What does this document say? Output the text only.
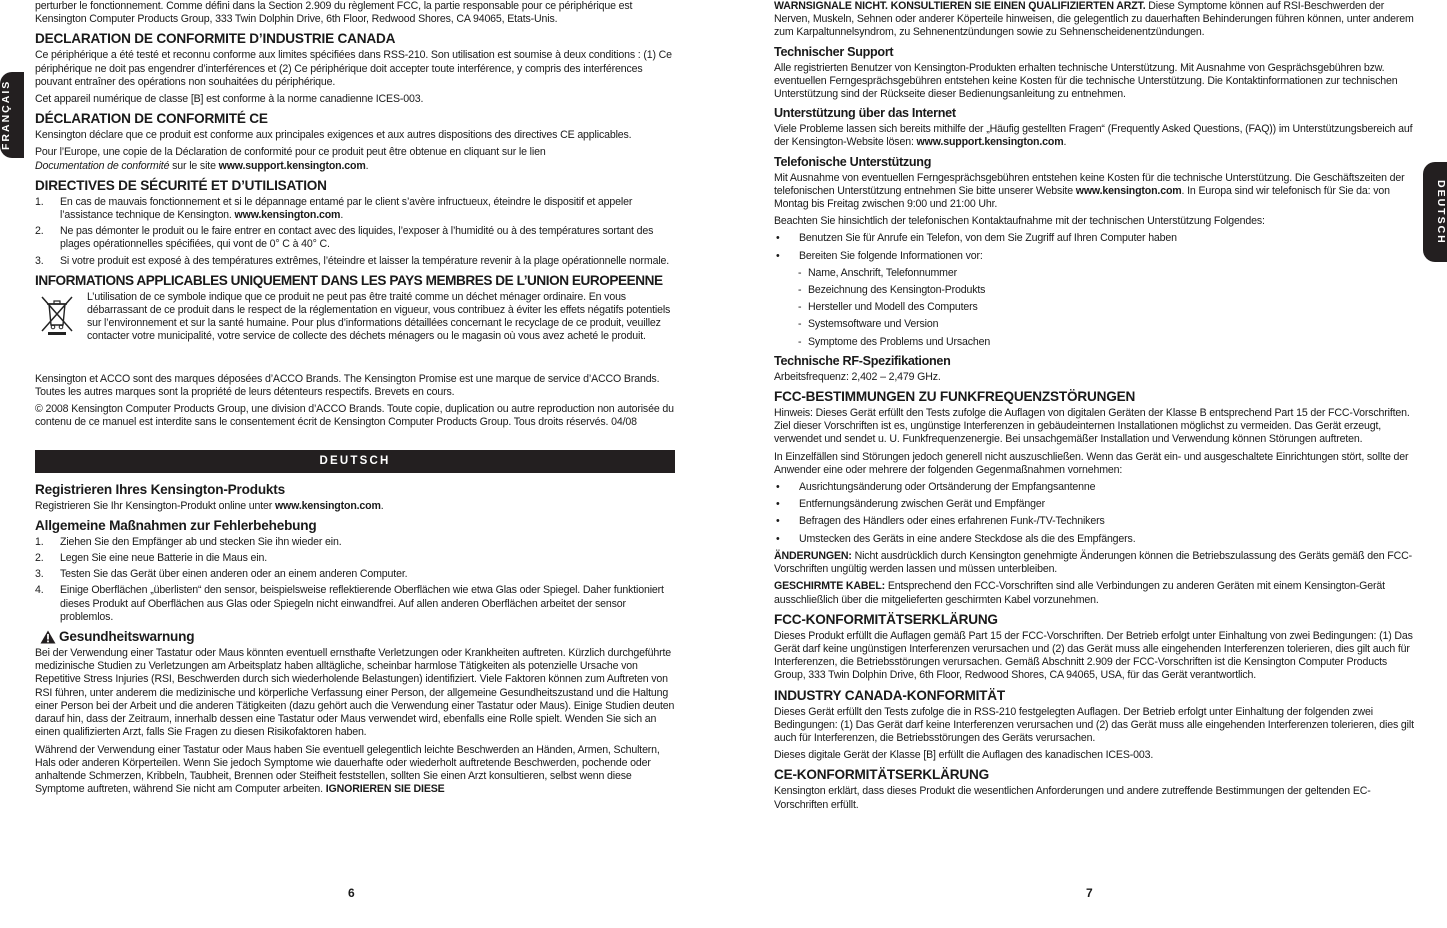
FRANÇAIS

perturber le fonctionnement. Comme défini dans la Section 2.909 du règlement FCC, la partie responsable pour ce périphérique est Kensington Computer Products Group, 333 Twin Dolphin Drive, 6th Floor, Redwood Shores, CA 94065, Etats-Unis.

DECLARATION DE CONFORMITE D’INDUSTRIE CANADA

Ce périphérique a été testé et reconnu conforme aux limites spécifiées dans RSS-210. Son utilisation est soumise à deux conditions : (1) Ce périphérique ne doit pas engendrer d’interférences et (2) Ce périphérique doit accepter toute interférence, y compris des interférences pouvant entraîner des opérations non souhaitées du périphérique.

Cet appareil numérique de classe [B] est conforme à la norme canadienne ICES-003.

DÉCLARATION DE CONFORMITÉ CE

Kensington déclare que ce produit est conforme aux principales exigences et aux autres dispositions des directives CE applicables.

Pour l’Europe, une copie de la Déclaration de conformité pour ce produit peut être obtenue en cliquant sur le lien
Documentation de conformité sur le site www.support.kensington.com.

DIRECTIVES DE SÉCURITÉ ET D’UTILISATION
1. En cas de mauvais fonctionnement et si le dépannage entamé par le client s’avère infructueux, éteindre le dispositif et appeler l’assistance technique de Kensington. www.kensington.com.
2. Ne pas démonter le produit ou le faire entrer en contact avec des liquides, l’exposer à l’humidité ou à des températures sortant des plages opérationnelles spécifiées, qui vont de 0° C à 40° C.
3. Si votre produit est exposé à des températures extrêmes, l’éteindre et laisser la température revenir à la plage opérationnelle normale.
INFORMATIONS APPLICABLES UNIQUEMENT DANS LES PAYS MEMBRES DE L’UNION EUROPEENNE

L’utilisation de ce symbole indique que ce produit ne peut pas être traité comme un déchet ménager ordinaire. En vous débarrassant de ce produit dans le respect de la réglementation en vigueur, vous contribuez à éviter les effets négatifs potentiels sur l’environnement et sur la santé humaine. Pour plus d’informations détaillées concernant le recyclage de ce produit, veuillez contacter votre municipalité, votre service de collecte des déchets ménagers ou le magasin où vous avez acheté le produit.

Kensington et ACCO sont des marques déposées d’ACCO Brands. The Kensington Promise est une marque de service d’ACCO Brands. Toutes les autres marques sont la propriété de leurs détenteurs respectifs. Brevets en cours.

© 2008 Kensington Computer Products Group, une division d’ACCO Brands. Toute copie, duplication ou autre reproduction non autorisée du contenu de ce manuel est interdite sans le consentement écrit de Kensington Computer Products Group. Tous droits réservés. 04/08

DEUTSCH
Registrieren Ihres Kensington-Produkts

Registrieren Sie Ihr Kensington-Produkt online unter www.kensington.com.

Allgemeine Maßnahmen zur Fehlerbehebung
1. Ziehen Sie den Empfänger ab und stecken Sie ihn wieder ein.
2. Legen Sie eine neue Batterie in die Maus ein.
3. Testen Sie das Gerät über einen anderen oder an einem anderen Computer.
4. Einige Oberflächen „überlisten“ den sensor, beispielsweise reflektierende Oberflächen wie etwa Glas oder Spiegel. Daher funktioniert dieses Produkt auf Oberflächen aus Glas oder Spiegeln nicht einwandfrei. Auf allen anderen Oberflächen arbeitet der sensor problemlos.
Gesundheitswarnung

Bei der Verwendung einer Tastatur oder Maus könnten eventuell ernsthafte Verletzungen oder Krankheiten auftreten. Kürzlich durchgeführte medizinische Studien zu Verletzungen am Arbeitsplatz haben alltägliche, scheinbar harmlose Tätigkeiten als potenzielle Ursache von Repetitive Stress Injuries (RSI, Beschwerden durch sich wiederholende Belastungen) identifiziert. Viele Faktoren können zum Auftreten von RSI führen, unter anderem die medizinische und körperliche Verfassung einer Person, der allgemeine Gesundheitszustand und die Haltung einer Person bei der Arbeit und die anderen Tätigkeiten (dazu gehört auch die Verwendung einer Tastatur oder Maus). Einige Studien deuten darauf hin, dass der Zeitraum, innerhalb dessen eine Tastatur oder Maus verwendet wird, ebenfalls eine Rolle spielt. Wenden Sie sich an einen qualifizierten Arzt, falls Sie Fragen zu diesen Risikofaktoren haben.

Während der Verwendung einer Tastatur oder Maus haben Sie eventuell gelegentlich leichte Beschwerden an Händen, Armen, Schultern, Hals oder anderen Körperteilen. Wenn Sie jedoch Symptome wie dauerhafte oder wiederholt auftretende Beschwerden, pochende oder anhaltende Schmerzen, Kribbeln, Taubheit, Brennen oder Steifheit feststellen, sollten Sie einen Arzt konsultieren, selbst wenn diese Symptome auftreten, während Sie nicht am Computer arbeiten. IGNORIEREN SIE DIESE

6
DEUTSCH

WARNSIGNALE NICHT. KONSULTIEREN SIE EINEN QUALIFIZIERTEN ARZT. Diese Symptome können auf RSI-Beschwerden der Nerven, Muskeln, Sehnen oder anderer Köperteile hinweisen, die gelegentlich zu dauerhaften Behinderungen führen können, unter anderem zum Karpaltunnelsyndrom, zu Sehnenentzündungen sowie zu Sehnenscheidenentzündungen.

Technischer Support

Alle registrierten Benutzer von Kensington-Produkten erhalten technische Unterstützung. Mit Ausnahme von Gesprächsgebühren bzw. eventuellen Ferngesprächsgebühren entstehen keine Kosten für die technische Unterstützung. Die Kontaktinformationen zur technischen Unterstützung sind der Rückseite dieser Bedienungsanleitung zu entnehmen.

Unterstützung über das Internet

Viele Probleme lassen sich bereits mithilfe der „Häufig gestellten Fragen“ (Frequently Asked Questions, (FAQ)) im Unterstützungsbereich auf der Kensington-Website lösen: www.support.kensington.com.

Telefonische Unterstützung

Mit Ausnahme von eventuellen Ferngesprächsgebühren entstehen keine Kosten für die technische Unterstützung. Die Geschäftszeiten der telefonischen Unterstützung entnehmen Sie bitte unserer Website www.kensington.com. In Europa sind wir telefonisch für Sie da: von Montag bis Freitag zwischen 9:00 und 21:00 Uhr.

Beachten Sie hinsichtlich der telefonischen Kontaktaufnahme mit der technischen Unterstützung Folgendes:

• Benutzen Sie für Anrufe ein Telefon, von dem Sie Zugriff auf Ihren Computer haben
• Bereiten Sie folgende Informationen vor:
- Name, Anschrift, Telefonnummer
- Bezeichnung des Kensington-Produkts
- Hersteller und Modell des Computers
- Systemsoftware und Version
- Symptome des Problems und Ursachen
Technische RF-Spezifikationen

Arbeitsfrequenz: 2,402 – 2,479 GHz.

FCC-BESTIMMUNGEN ZU FUNKFREQUENZSTÖRUNGEN

Hinweis: Dieses Gerät erfüllt den Tests zufolge die Auflagen von digitalen Geräten der Klasse B entsprechend Part 15 der FCC-Vorschriften. Ziel dieser Vorschriften ist es, ungünstige Interferenzen in gebäudeinternen Installationen möglichst zu vermeiden. Das Gerät erzeugt, verwendet und sendet u. U. Funkfrequenzenergie. Bei unsachgemäßer Installation und Verwendung können Störungen auftreten.

In Einzelfällen sind Störungen jedoch generell nicht auszuschließen. Wenn das Gerät ein- und ausgeschaltete Einrichtungen stört, sollte der Anwender eine oder mehrere der folgenden Gegenmaßnahmen vornehmen:

• Ausrichtungsänderung oder Ortsänderung der Empfangsantenne
• Entfernungsänderung zwischen Gerät und Empfänger
• Befragen des Händlers oder eines erfahrenen Funk-/TV-Technikers
• Umstecken des Geräts in eine andere Steckdose als die des Empfängers.

ÄNDERUNGEN: Nicht ausdrücklich durch Kensington genehmigte Änderungen können die Betriebszulassung des Geräts gemäß den FCC-Vorschriften ungültig werden lassen und müssen unterbleiben.

GESCHIRMTE KABEL: Entsprechend den FCC-Vorschriften sind alle Verbindungen zu anderen Geräten mit einem Kensington-Gerät ausschließlich über die mitgelieferten geschirmten Kabel vorzunehmen.

FCC-KONFORMITÄTSERKLÄRUNG

Dieses Produkt erfüllt die Auflagen gemäß Part 15 der FCC-Vorschriften. Der Betrieb erfolgt unter Einhaltung von zwei Bedingungen: (1) Das Gerät darf keine ungünstigen Interferenzen verursachen und (2) das Gerät muss alle eingehenden Interferenzen tolerieren, dies gilt auch für Interferenzen, die Betriebsstörungen verursachen. Gemäß Abschnitt 2.909 der FCC-Vorschriften ist die Kensington Computer Products Group, 333 Twin Dolphin Drive, 6th Floor, Redwood Shores, CA 94065, USA, für das Gerät verantwortlich.

INDUSTRY CANADA-KONFORMITÄT

Dieses Gerät erfüllt den Tests zufolge die in RSS-210 festgelegten Auflagen. Der Betrieb erfolgt unter Einhaltung der folgenden zwei Bedingungen: (1) Das Gerät darf keine Interferenzen verursachen und (2) das Gerät muss alle eingehenden Interferenzen tolerieren, dies gilt auch für Interferenzen, die Betriebsstörungen des Geräts verursachen.

Dieses digitale Gerät der Klasse [B] erfüllt die Auflagen des kanadischen ICES-003.

CE-KONFORMITÄTSERKLÄRUNG

Kensington erklärt, dass dieses Produkt die wesentlichen Anforderungen und andere zutreffende Bestimmungen der geltenden EC-Vorschriften erfüllt.

7
